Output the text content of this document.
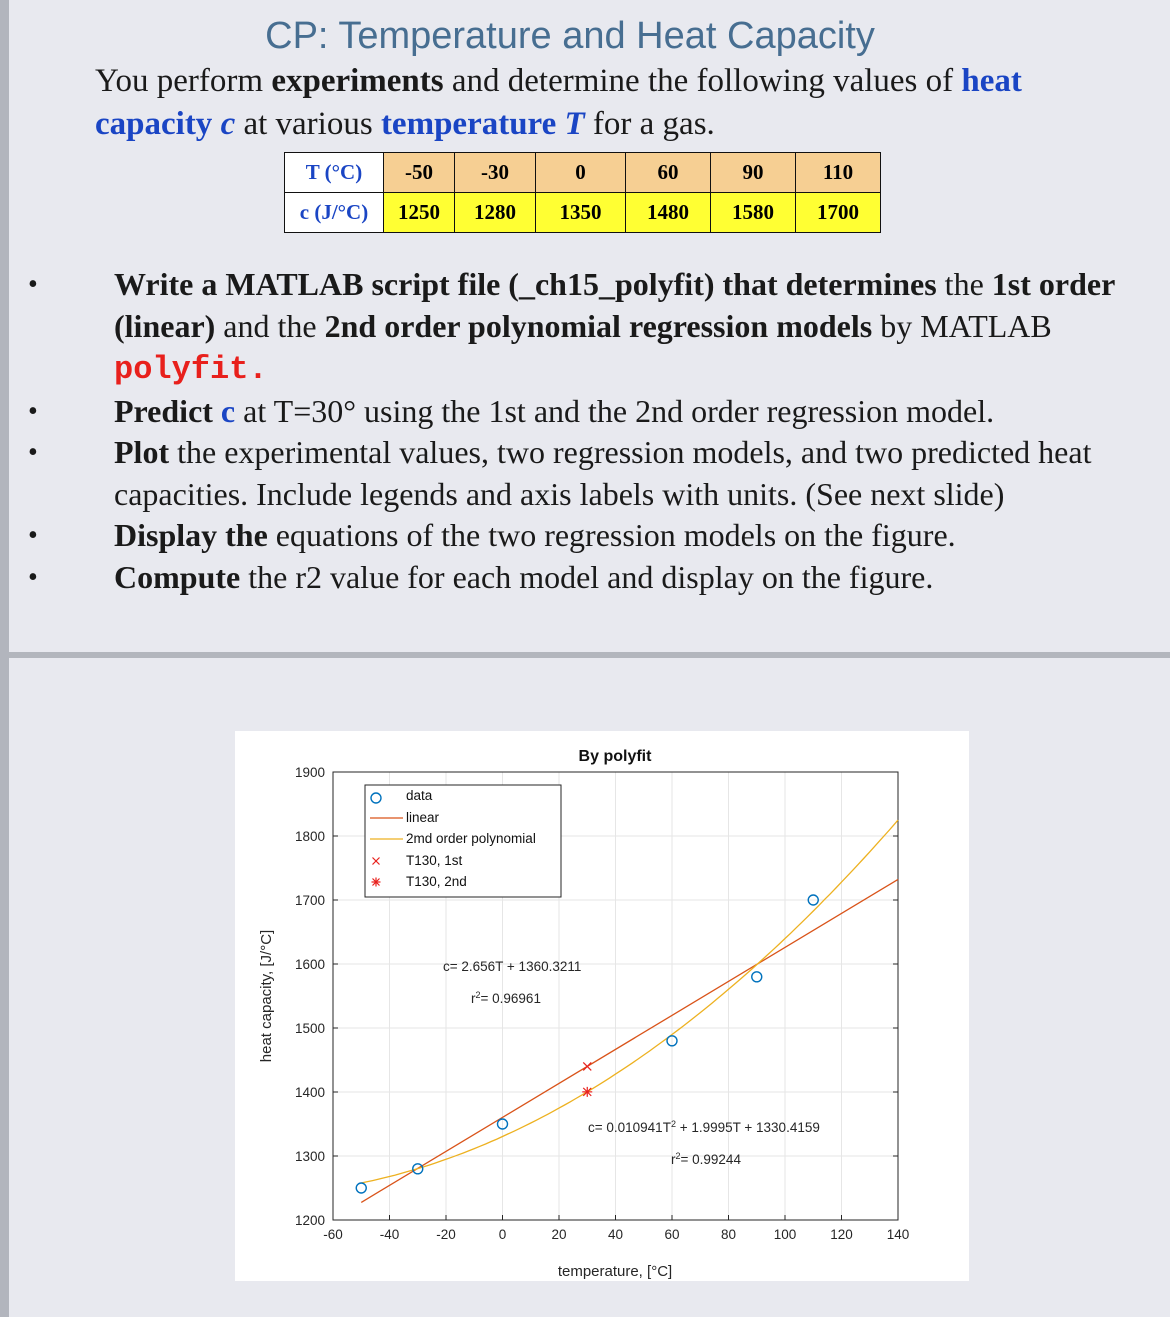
CP: Temperature and Heat Capacity
You perform experiments and determine the following values of heat capacity c at various temperature T for a gas.
T (°C)	-50	-30	0	60	90	110
c (J/°C)	1250	1280	1350	1480	1580	1700
• Write a MATLAB script file (_ch15_polyfit) that determines the 1st order (linear) and the 2nd order polynomial regression models by MATLAB polyfit.
• Predict c at T=30° using the 1st and the 2nd order regression model.
• Plot the experimental values, two regression models, and two predicted heat capacities. Include legends and axis labels with units. (See next slide)
• Display the equations of the two regression models on the figure.
• Compute the r2 value for each model and display on the figure.
-60	-40	-20	0	20	40	60	80	100	120	140
1200
1300
1400
1500
1600
1700
1800
1900
By polyfit
temperature, [°C]
heat capacity, [J/°C]	c= 2.656T + 1360.3211
$r^2= 0.96961$
$c= 0.010941T^2 + 1.9995T + 1330.4159$
$r^2= 0.99244$
data
linear
2md order polynomial
T130, 1st
T130, 2nd
